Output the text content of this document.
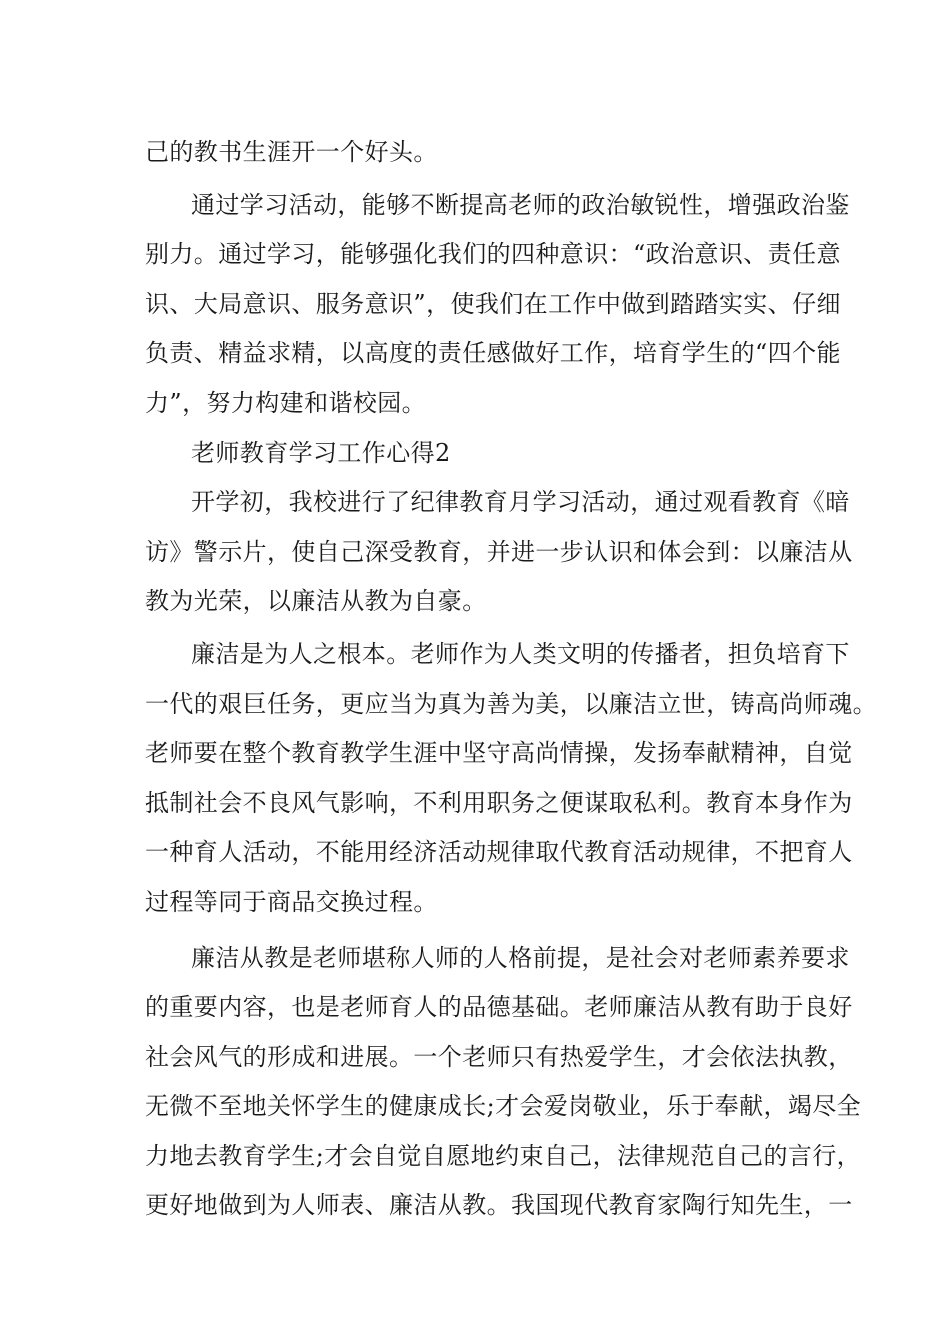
己的教书生涯开一个好头。
通过学习活动，能够不断提高老师的政治敏锐性，增强政治鉴
别力。通过学习，能够强化我们的四种意识：“政治意识、责任意
识、大局意识、服务意识”，使我们在工作中做到踏踏实实、仔细
负责、精益求精，以高度的责任感做好工作，培育学生的“四个能
力”，努力构建和谐校园。
老师教育学习工作心得2
开学初，我校进行了纪律教育月学习活动，通过观看教育《暗
访》警示片，使自己深受教育，并进一步认识和体会到：以廉洁从
教为光荣，以廉洁从教为自豪。
廉洁是为人之根本。老师作为人类文明的传播者，担负培育下
一代的艰巨任务，更应当为真为善为美，以廉洁立世，铸高尚师魂。
老师要在整个教育教学生涯中坚守高尚情操，发扬奉献精神，自觉
抵制社会不良风气影响，不利用职务之便谋取私利。教育本身作为
一种育人活动，不能用经济活动规律取代教育活动规律，不把育人
过程等同于商品交换过程。
廉洁从教是老师堪称人师的人格前提，是社会对老师素养要求
的重要内容，也是老师育人的品德基础。老师廉洁从教有助于良好
社会风气的形成和进展。一个老师只有热爱学生，才会依法执教，
无微不至地关怀学生的健康成长;才会爱岗敬业，乐于奉献，竭尽全
力地去教育学生;才会自觉自愿地约束自己，法律规范自己的言行，
更好地做到为人师表、廉洁从教。我国现代教育家陶行知先生，一
